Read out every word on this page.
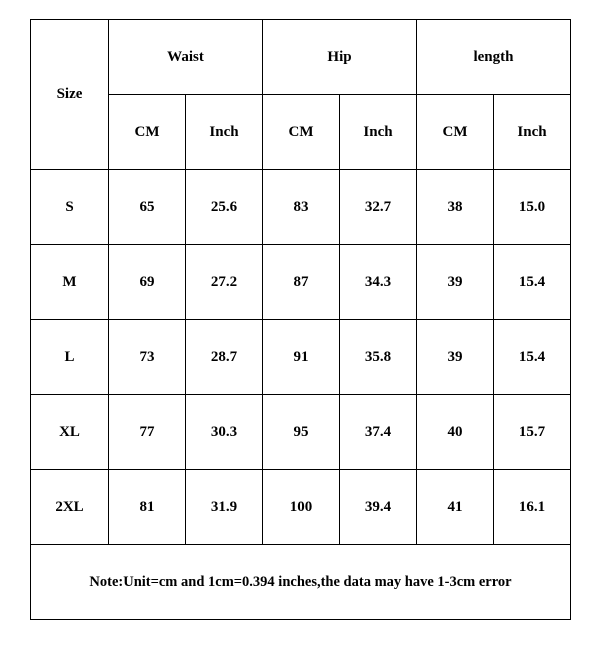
Size	Waist		Hip		length	
	CM	Inch	CM	Inch	CM	Inch
S	65	25.6	83	32.7	38	15.0
M	69	27.2	87	34.3	39	15.4
L	73	28.7	91	35.8	39	15.4
XL	77	30.3	95	37.4	40	15.7
2XL	81	31.9	100	39.4	41	16.1
Note:Unit=cm and 1cm=0.394 inches,the data may have 1-3cm error						
